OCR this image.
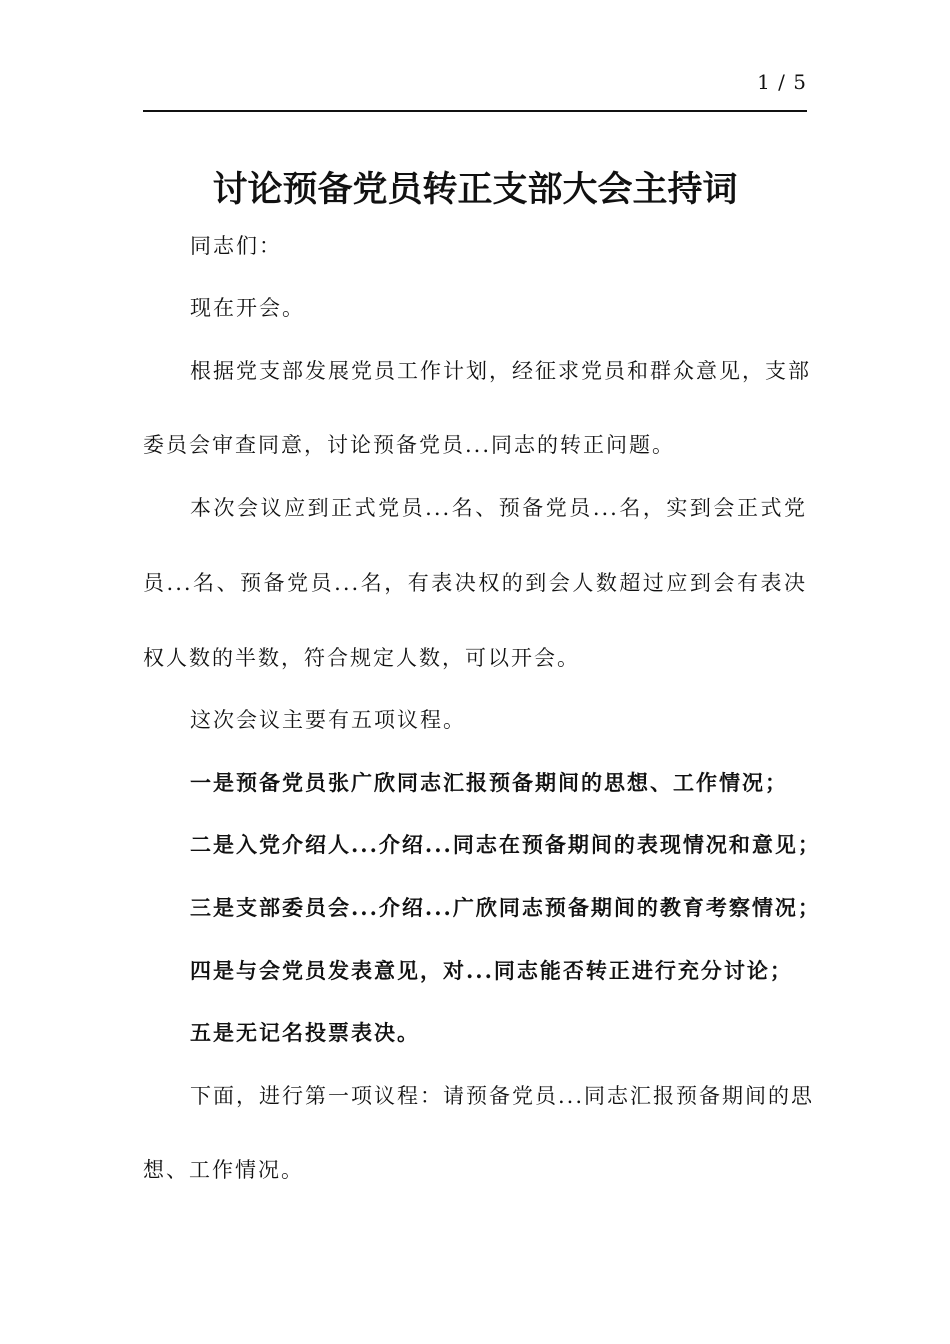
1 / 5
讨论预备党员转正支部大会主持词
同志们：
现在开会。
根据党支部发展党员工作计划，经征求党员和群众意见，支部
委员会审查同意，讨论预备党员...同志的转正问题。
本次会议应到正式党员...名、预备党员...名，实到会正式党
员...名、预备党员...名，有表决权的到会人数超过应到会有表决
权人数的半数，符合规定人数，可以开会。
这次会议主要有五项议程。
一是预备党员张广欣同志汇报预备期间的思想、工作情况；
二是入党介绍人...介绍...同志在预备期间的表现情况和意见；
三是支部委员会...介绍...广欣同志预备期间的教育考察情况；
四是与会党员发表意见，对...同志能否转正进行充分讨论；
五是无记名投票表决。
下面，进行第一项议程：请预备党员...同志汇报预备期间的思
想、工作情况。
